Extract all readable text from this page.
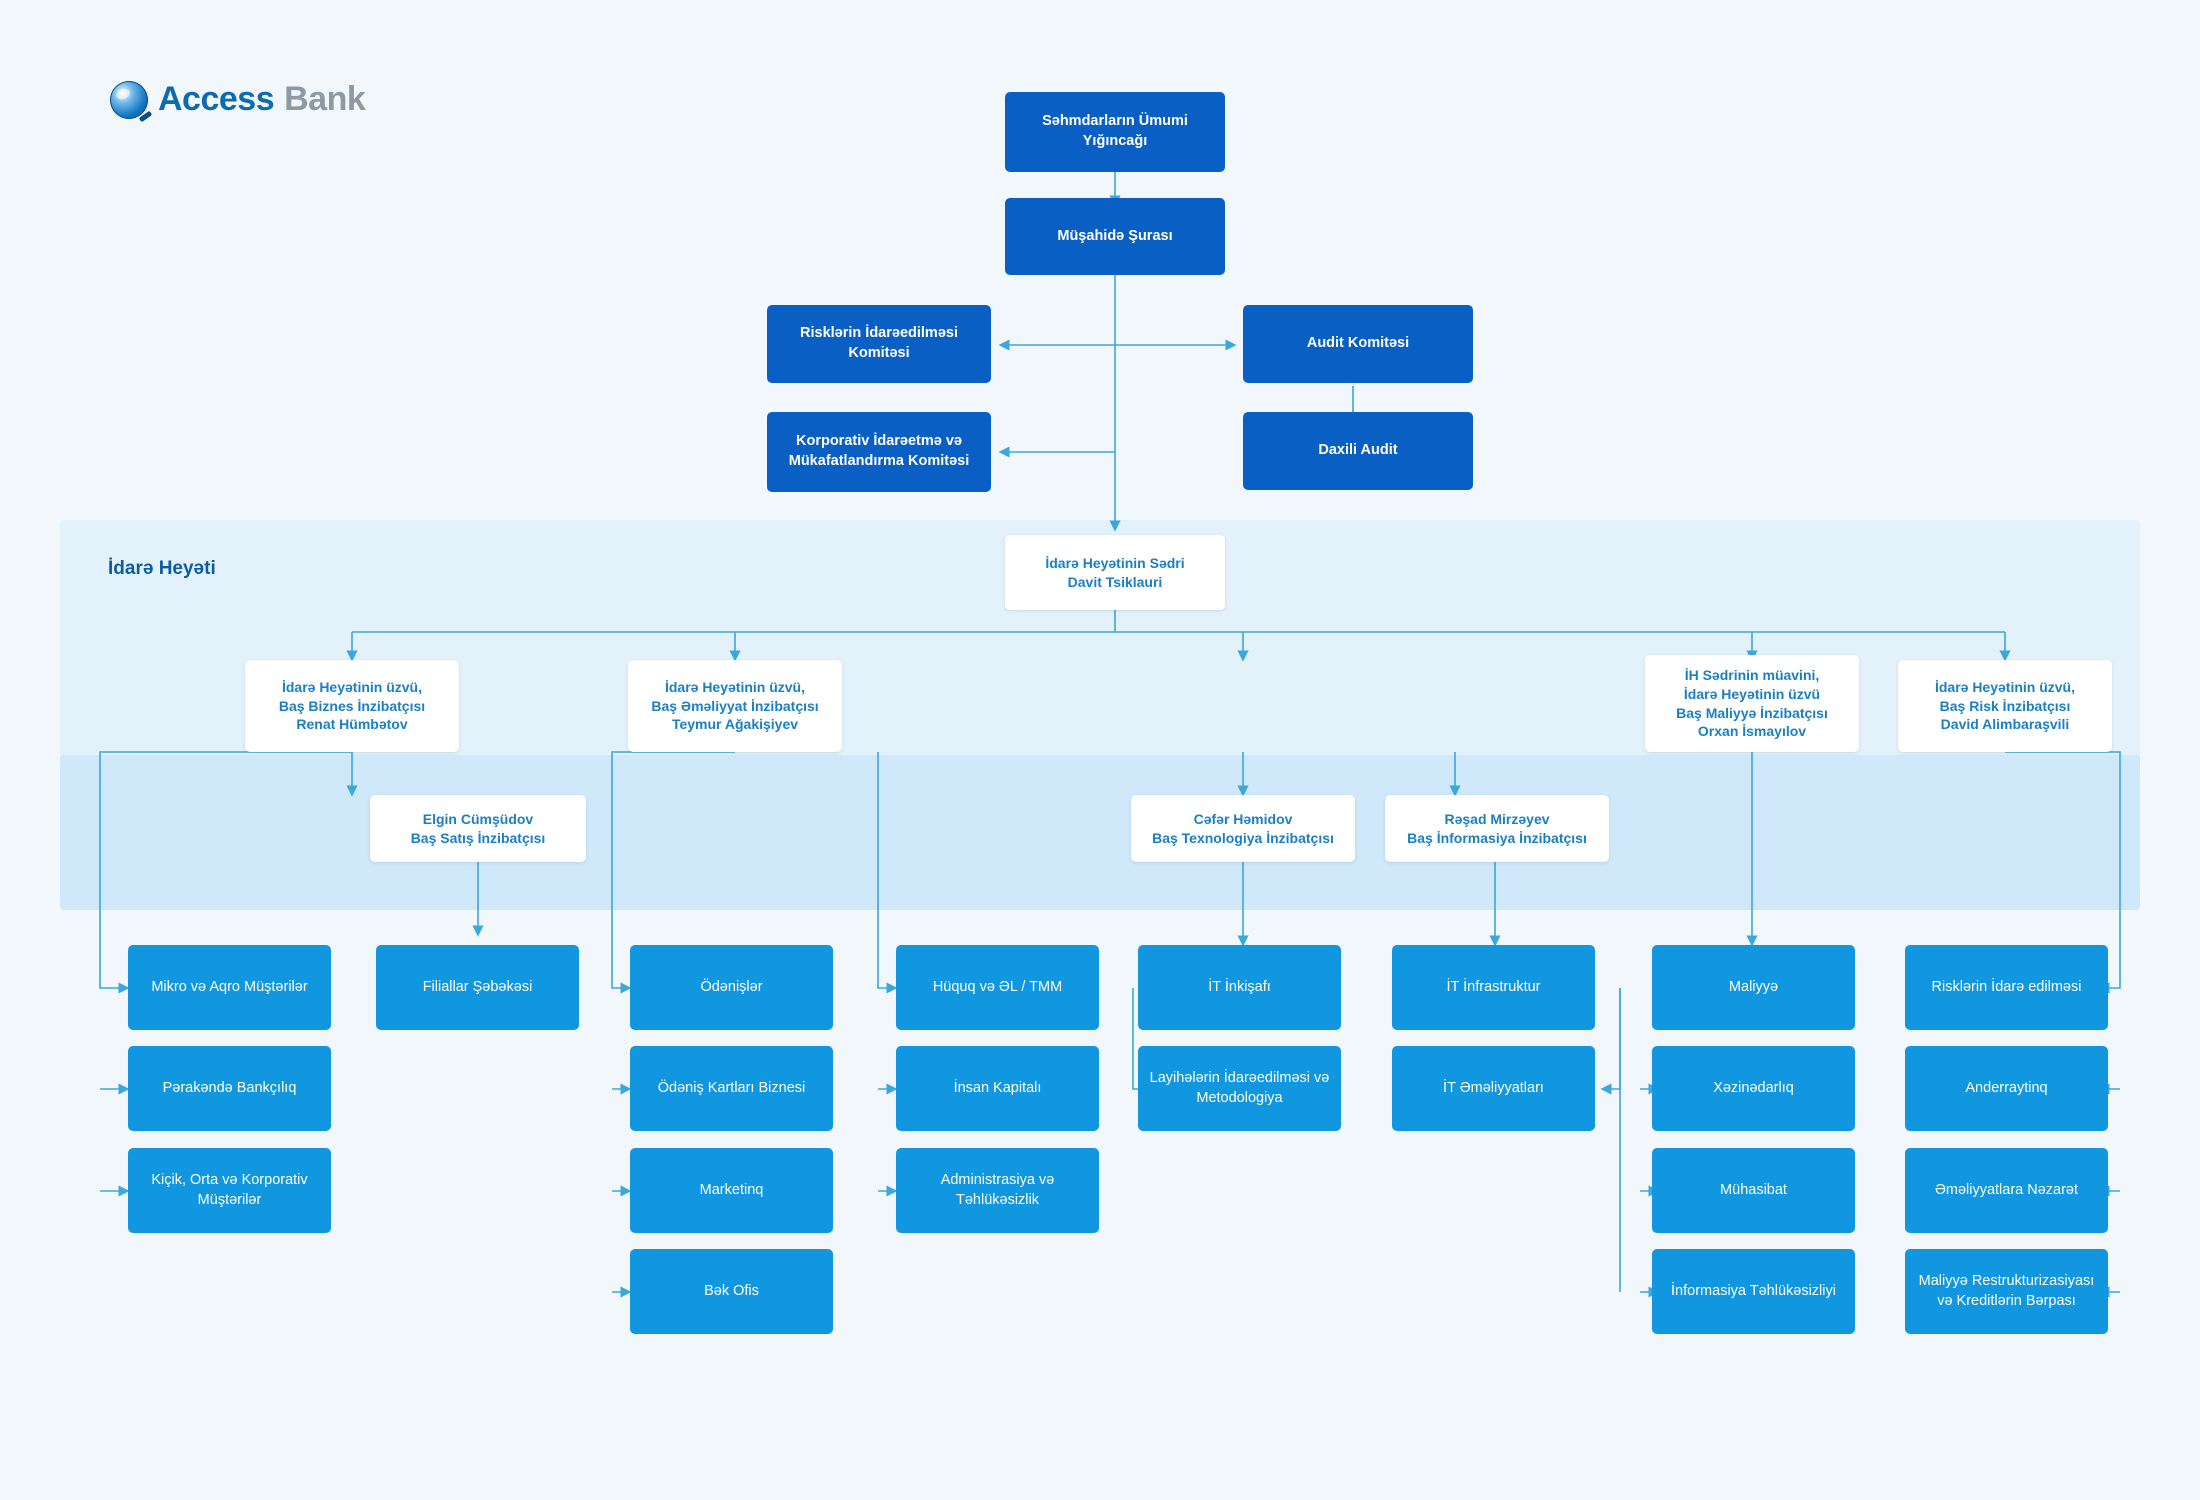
İdarə Heyəti
Səhmdarların Ümumi Yığıncağı
Müşahidə Şurası
Risklərin İdarəedilməsi Komitəsi
Audit Komitəsi
Korporativ İdarəetmə və Mükafatlandırma Komitəsi
Daxili Audit
İdarə Heyətinin Sədri
Davit Tsiklauri
İdarə Heyətinin üzvü,
Baş Biznes İnzibatçısı
Renat Hümbətov
İdarə Heyətinin üzvü,
Baş Əməliyyat İnzibatçısı
Teymur Ağakişiyev
İH Sədrinin müavini,
İdarə Heyətinin üzvü
Baş Maliyyə İnzibatçısı
Orxan İsmayılov
İdarə Heyətinin üzvü,
Baş Risk İnzibatçısı
David Alimbaraşvili
Elgin Cümşüdov
Baş Satış İnzibatçısı
Cəfər Həmidov
Baş Texnologiya İnzibatçısı
Rəşad Mirzəyev
Baş İnformasiya İnzibatçısı
Mikro və Aqro Müştərilər
Pərakəndə Bankçılıq
Kiçik, Orta və Korporativ Müştərilər
Filiallar Şəbəkəsi	Ödənişlər
Ödəniş Kartları Biznesi
Marketinq
Bək Ofis
Hüquq və ƏL / TMM
İnsan Kapitalı
Administrasiya və Təhlükəsizlik
İT İnkişafı
Layihələrin İdarəedilməsi və Metodologiya
İT İnfrastruktur
İT Əməliyyatları
Maliyyə
Xəzinədarlıq
Mühasibat
İnformasiya Təhlükəsizliyi
Risklərin İdarə edilməsi
Anderraytinq
Əməliyyatlara Nəzarət
Maliyyə Restrukturizasiyası və Kreditlərin Bərpası
Access Bank
